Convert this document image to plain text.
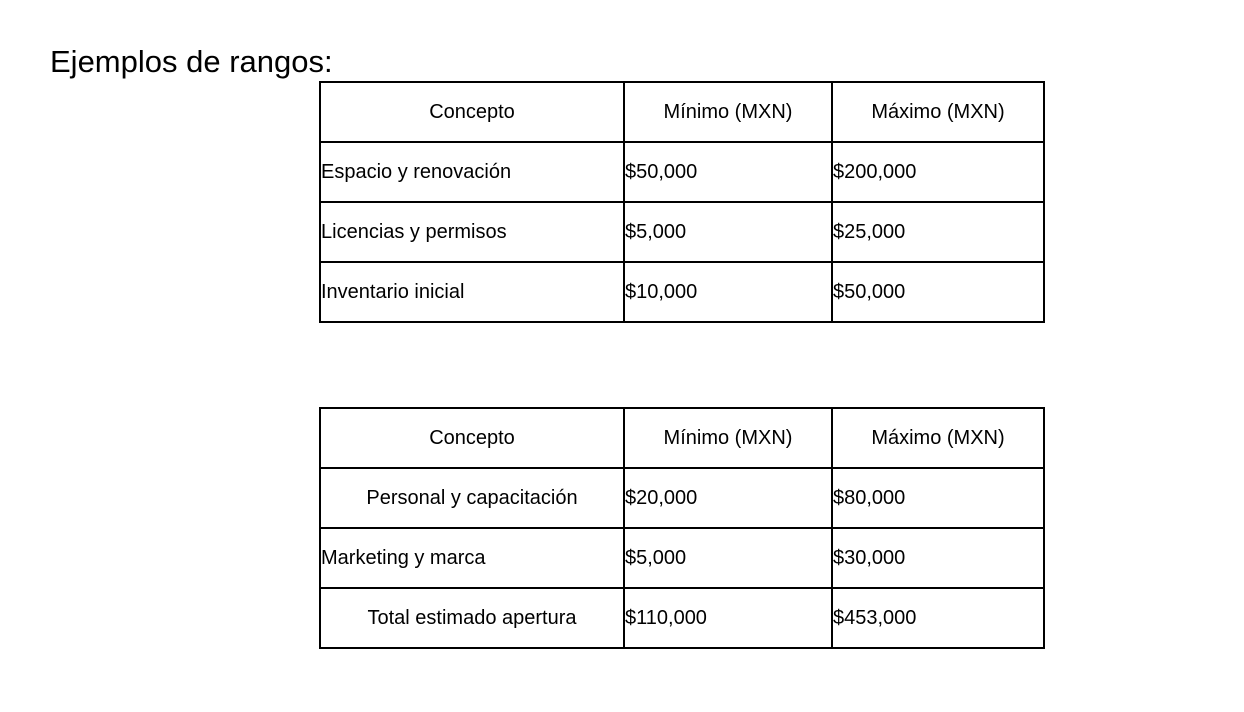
Ejemplos de rangos:
Concepto	Mínimo (MXN)	Máximo (MXN)
Espacio y renovación	$50,000	$200,000
Licencias y permisos	$5,000	$25,000
Inventario inicial	$10,000	$50,000
Concepto	Mínimo (MXN)	Máximo (MXN)
Personal y capacitación	$20,000	$80,000
Marketing y marca	$5,000	$30,000
Total estimado apertura	$110,000	$453,000
